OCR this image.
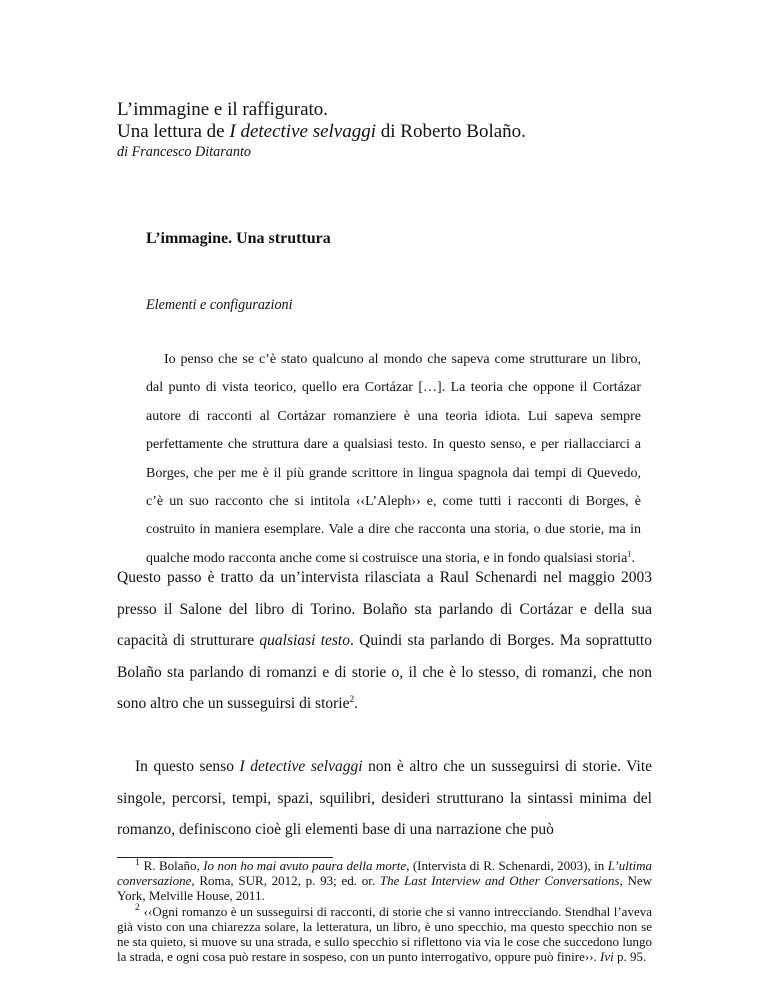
L’immagine e il raffigurato.
Una lettura de I detective selvaggi di Roberto Bolaño.
di Francesco Ditaranto
L’immagine. Una struttura
Elementi e configurazioni

Io penso che se c’è stato qualcuno al mondo che sapeva come strutturare un libro, dal punto di vista teorico, quello era Cortázar […]. La teoria che oppone il Cortázar autore di racconti al Cortázar romanziere è una teoria idiota. Lui sapeva sempre perfettamente che struttura dare a qualsiasi testo. In questo senso, e per riallacciarci a Borges, che per me è il più grande scrittore in lingua spagnola dai tempi di Quevedo, c’è un suo racconto che si intitola ‹‹L’Aleph›› e, come tutti i racconti di Borges, è costruito in maniera esemplare. Vale a dire che racconta una storia, o due storie, ma in qualche modo racconta anche come si costruisce una storia, e in fondo qualsiasi storia$^1$.

Questo passo è tratto da un’intervista rilasciata a Raul Schenardi nel maggio 2003 presso il Salone del libro di Torino. Bolaño sta parlando di Cortázar e della sua capacità di strutturare qualsiasi testo. Quindi sta parlando di Borges. Ma soprattutto Bolaño sta parlando di romanzi e di storie o, il che è lo stesso, di romanzi, che non sono altro che un susseguirsi di storie$^2$.

In questo senso I detective selvaggi non è altro che un susseguirsi di storie. Vite singole, percorsi, tempi, spazi, squilibri, desideri strutturano la sintassi minima del romanzo, definiscono cioè gli elementi base di una narrazione che può

$^1$ R. Bolaño, Io non ho mai avuto paura della morte, (Intervista di R. Schenardi, 2003), in L’ultima conversazione, Roma, SUR, 2012, p. 93; ed. or. The Last Interview and Other Conversations, New York, Melville House, 2011.

$^2$ ‹‹Ogni romanzo è un susseguirsi di racconti, di storie che si vanno intrecciando. Stendhal l’aveva già visto con una chiarezza solare, la letteratura, un libro, è uno specchio, ma questo specchio non se ne sta quieto, si muove su una strada, e sullo specchio si riflettono via via le cose che succedono lungo la strada, e ogni cosa può restare in sospeso, con un punto interrogativo, oppure può finire››. Ivi p. 95.
